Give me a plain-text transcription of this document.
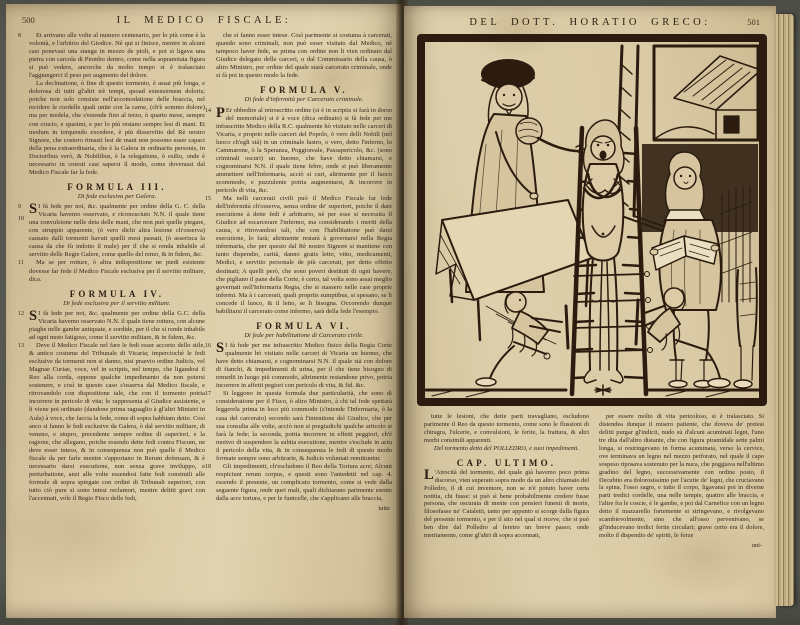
500	IL MEDICO FISCALE:

8 Et arrivano alle volte al numero centenario, per lo più come è la volontà, e l'arbitrio del Giodice. Nè qui si finisce, mentre in alcuni casi ponevasi una stanga in mezzo de pioli, e poi si ligava una pietra con carcola di Piombo dentro, come nella sopranotata figura si può vedere, ancorche da molto tempo si è tralasciato l'aggiungerci il peso per augmento del dolore.

La declinatione, ò fine di questo tormento, è assai più longa, e dolorosa di tutti gl'altri trè tempi, quoad extensionem doloris; poiche non solo consiste nell'accomodatione delle braccia, nel recidere le cordelle quali unite con la carne, (ch'è sommo dolore) ma per medela, che s'estende fino al terzo, ò quarto mese, sempre con crucio, e spasimi, e per lo più restano sempre lesi di mani. Et modum in torquendo excedere, è più disservitio del Rè nostro Signore, che costoro rimasti lesi de mani non possono esser capaci della pena extraordinaria, che è la Galera in ordinariis personis, in Doctoribus verò, & Nobilibus, è la relegatione, ò esilio, onde è necessario in cotesti casi sapersi il modo, come doverassi dal Medico Fiscale far la fede.

FORMULA III.

Di fede esclusiva per Galera.

9
10
S I fà fede per noi, &c. qualmente per ordine della G. C. della Vicaria havemo osservato, e riconosciuto N.N. il quale tiene una convulsione nelle deta delle mani, che non può quelle piegare, con struppio apparente, (ò vero dichi altra lesione ch'osserva) causato dalli tormenti havuti quelli mesi passati, (ò asserisca la causa da che fù indotto il male) per il che si renda inhabile al servitio delle Regie Galere, come quello del remo, & in fidem, &c.

11 Ma se per rotture, ò altra indispositione ne piedi esistente dovesse far fede il Medico Fiscale esclusiva per il servitio militare, dica.

FORMULA IV.

Di fede esclusiva per il servitio militare.

12 S I fà fede per noi, &c. qualmente per ordine della G.C. della Vicaria havemo osservato N.N. il quale tiene rottura, con alcune piaghe nelle gambe antiquate, e sordide, per il che si rende inhabile ad ogni moto fatigoso, come il servitio militare, & in fidem, &c.

13 Deve il Medico Fiscale nel fare le fedi esser accorto dello stile, & antico costume del Tribunale di Vicaria; imperciochè le fedi esclusive da tormenti non si danno, nisi praevio ordine Judicis, vel Magnae Curiae, voce, vel in scriptis, nel tempo, che ligandosi il Reo alla corda, oppone qualche impedimento da non potersi sostenere, e così in questo caso s'osserva dal Medico fiscale, e ritrovandolo con dispositione tale, che con il tormento potria incorrere in pericolo di vita; lo rappresenta al Giudice assistente, e li viene poi ordinato (dandone prima raguaglio à gl'altri Ministri in Aula) à voce, che faccia la fede, come di sopra habbiam detto. Così anco si fanno le fedi esclusive da Galera, ò dal servitio militare, di veneno, e stupro, precedente sempre ordine di superiori, e la ragione, che allegano, poiche essendo dette fedi contra Fiscum, ne deve esser inteso, & in consequenza non può quelle il Medico fiscale da per farle mentre s'apportano in Rerum defensam, & è necessario darsi esecutione, non senza grave inviluppo, e perturbatione, anzi alle volte essendosi fatte fedi consimili alle formule di sopra spiegate con ordini di Tribunali superiori, con tutto ciò pure si sono intesi reclamori, mentre delitti gravi con l'accennati, vole il Regio Fisco delle fedi,

che si fanno esser intese. Così parimente si costuma à carcerati, quando sono criminali, non può esser visitato dal Medico, nè tampoco haver fede, se prima con ordine non li vien ordinato dal Giudice delegato delle carceri, o dal Commissario della causa, ò altro Ministro, per ordine del quale starà carcerato criminale, onde si fà poi in questo modo la fede.

FORMULA V.

Di fede d'infermità per Carcerato criminale.

14 P Er obbedire al retroscritto ordine (si è in scriptis si farà in dorso del memoriale) si è à voce (dica ordinato) si fà fede per me infrascritto Medico della R.C. qualmente hò visitato nelle carceri di Vicaria, e proprio nelle carceri del Popolo, ò vero delli Nobili (nel luoco ch'egli stà) in un criminale lustro, o vero, detto l'inferno, lo Cammarone, ò la Speranza, Poggioreale, Passapericolo, &c. (sono criminali oscuri) un huomo, che have detto chiamarsi, e cognominarsi N.N. il quale tiene febre, onde si può liberamente ammettere nell'Infermaria, acciò si curi, altrimente per il luoco scommodo, e puzzulente potria augmentarsi, & incorrere in pericolo di vita, &c.

15 Ma nelli carcerati civili può il Medico Fiscale far fede dell'infermità ch'osserva, senza ordine de' superiori, poiche il dare esecutione à dette fedi è arbitrario, nè per esse si necessita il Giudice ad escarcerare l'infermo, ma considerando i meriti della causa, e ritrovandosi tali, che con l'habilitatione può darsi esecutione, lo farà; altrimente restarà à governarsi nella Regia infermaria, che per questo dal Rè nostro Signore si mantiene con tanto dispendio, carità, danno gratis letto, vitto, medicamenti, Medici, e servitio personale de più carcerati, per detto effetto destinati; A quelli però, che sono poveri destituti di ogni havere, che pigliano il pane della Corte, è certo, tal volta sono assai meglio governati nell'Infermaria Regia, che si stassero nelle case proprie infermi. Ma à i carcerati, quali propriis sumptibus, si spesano, se li concede il luoco, & il letto, se li bisogna. Occorendo dunque habilitarsi il carcerato come infermo, sarà della fede l'esempio.

FORMULA VI.

Di fede per habilitatione di Carcerato civile.

16 S I fà fede per me infrascritto Medico fisico della Regia Corte qualmente hò visitato nelle carceri di Vicaria un huomo, che have detto chiamarsi, e cognominarsi N.N. il quale stà con dolore di fianchi, & impedimenti di urina, per il che tiene bisogno di remedii in luogo più commodo, altrimente restandone privo, potria incorrere in affetti pegiori con pericolo di vita, & fid. &c.

17 Si leggono in questa formula due particularità, che sono di consideratione per il Fisco, ò altro Ministro, à chi tal fede spettarà leggerela prima in loco più commodo (s'intende l'Infermaria, ò la casa del carcerato) secondo sarà l'intentione del Giudice, che per sua consulta alle volte, acciò non si pregiudichi qualche articolo si farà la fede; la seconda, potria incorrere in effetti peggiori, ch'è motivo di suspendere la subita esecutione, mentre s'esclude in actu il pericolo della vita, & in consequenza le fedi di questo modo formate sempre sono arbitrarie, & Judicis voluntati remittuntur.

18 Gli impedimenti, ch'escludono il Reo della Tortura acre; Alcuni respiciunt rerum corpus, e questi sono l'antedetti nel cap. 4. essendo il presente, un complicato tormento, come si vede dalla seguente figura, onde quei mali, quali dichiarano parimente esente dalla acre tortura, e per le funicelle, che s'applicano alle braccia,

tutte

DEL DOTT. HORATIO GRECO:	501

tutte le lesioni, che dette parti travagliano, escludono parimente il Reo da questo tormento, come sono le flussioni di chiragra, l'ulcerie, e convulsioni, le ferite, la frattura, & altri morbi consimili apparenti.

Del tormento detto del POLLEDRO, e suoi impedimenti.

CAP. ULTIMO.

L 'Atrocità del tormento, del quale già havemo poco prima discorso, vien superato sopra modo da un altro chiamato del Polledro, il di cui inventore, non se n'è potuto haver certa notitia, chi fusse: si può sì bene probabilmente credere fusse persona, che oscurata di mente con pensieri funesti di morte, filosofasse ne' Cataletti, tanto per appunto si scorge dalla figura del presente tormento, e per il sito nel qual si riceve, che si può ben dire dal Polledro al feretro un breve passo; onde meritamente, come gl'altri di sopra accennati,

per essere molto di vita pericoloso, si è tralasciato. Si distendea dunque il misero patiente, che doveva de' pretesi delitti purgar gl'indicii, nudo sù d'alcuni acuminati legni, l'uno tre dita dall'altro distante, che con figura piramidale sette palmi longa, si restringevano in forma acuminata, verso la cervice, ove terminava un legno nel mezzo perforato, nel quale il capo sospeso riposava sostenuto per la nuca, che poggiava nell'ultimo gradino del legno, successivamente con ordine posto, il Decubito era dolorosissimo per l'acutie de' legni, che cruciavano la spina, l'osso sagro, e tutto il corpo, ligavansi poi in diverse parti tredici cordelle, una nelle tempie, quattro alle braccia, e l'altre fra le coscie, è le gambe, e poi dal Carnefice con un legno detto il mazzarello fortemente si stringevano, e rivolgevano scambievolmente, sino che all'osso pervenivano, se gl'inducevano tredici ferite circulari; grave certo era il dolore, molto il dispendio de' spiriti, le forze

uni-
